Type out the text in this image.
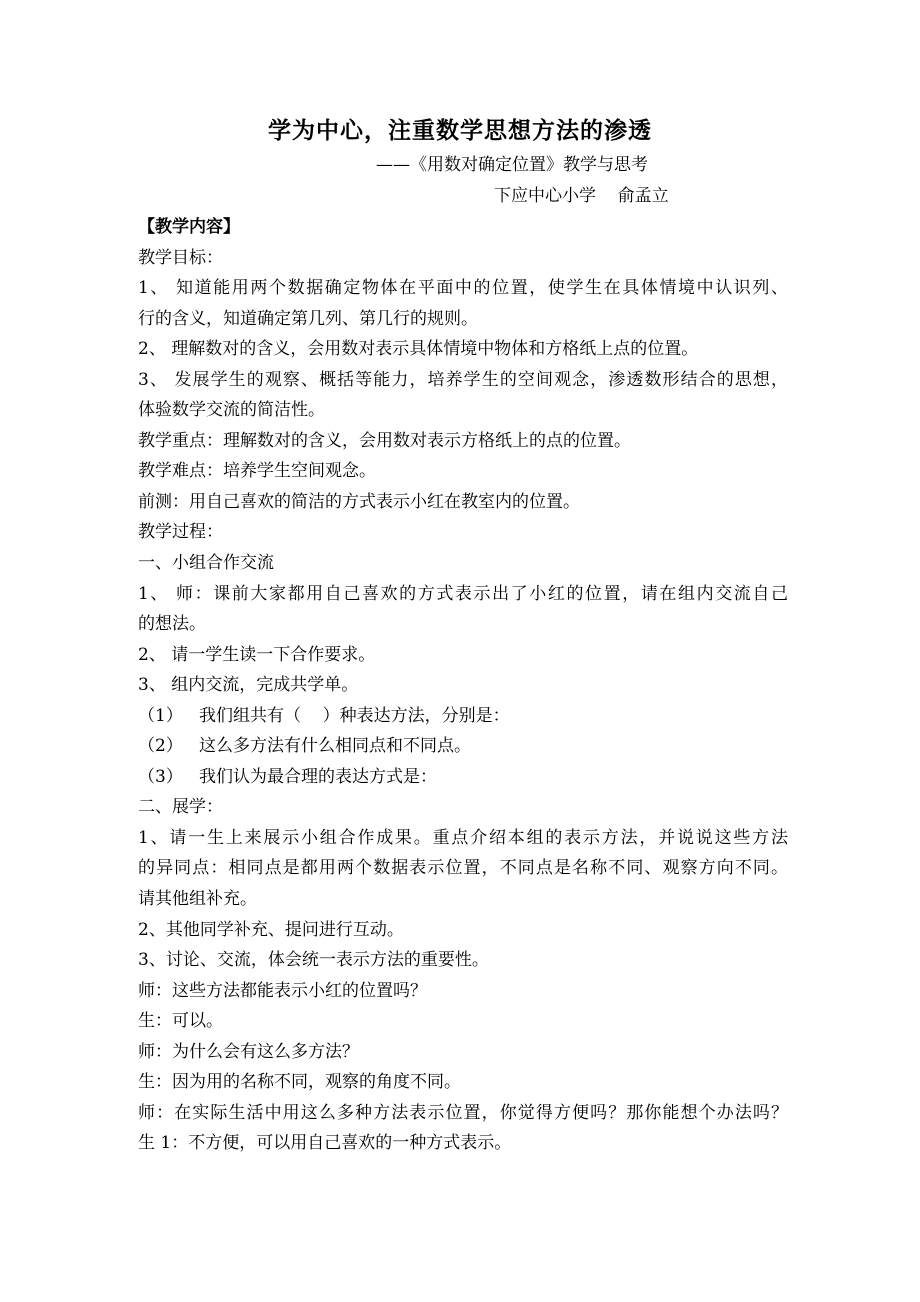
学为中心，注重数学思想方法的渗透
——《用数对确定位置》教学与思考
下应中心小学    俞孟立
【教学内容】
教学目标：
1、 知道能用两个数据确定物体在平面中的位置，使学生在具体情境中认识列、
行的含义，知道确定第几列、第几行的规则。
2、 理解数对的含义，会用数对表示具体情境中物体和方格纸上点的位置。
3、 发展学生的观察、概括等能力，培养学生的空间观念，渗透数形结合的思想，
体验数学交流的简洁性。
教学重点：理解数对的含义，会用数对表示方格纸上的点的位置。
教学难点：培养学生空间观念。
前测：用自己喜欢的简洁的方式表示小红在教室内的位置。
教学过程：
一、小组合作交流
1、 师：课前大家都用自己喜欢的方式表示出了小红的位置，请在组内交流自己
的想法。
2、 请一学生读一下合作要求。
3、 组内交流，完成共学单。
（1）   我们组共有（    ）种表达方法，分别是：
（2）   这么多方法有什么相同点和不同点。
（3）   我们认为最合理的表达方式是：
二、展学：
1、请一生上来展示小组合作成果。重点介绍本组的表示方法，并说说这些方法
的异同点：相同点是都用两个数据表示位置，不同点是名称不同、观察方向不同。
请其他组补充。
2、其他同学补充、提问进行互动。
3、讨论、交流，体会统一表示方法的重要性。
师：这些方法都能表示小红的位置吗？
生：可以。
师：为什么会有这么多方法？
生：因为用的名称不同，观察的角度不同。
师：在实际生活中用这么多种方法表示位置，你觉得方便吗？那你能想个办法吗？
生 1：不方便，可以用自己喜欢的一种方式表示。
